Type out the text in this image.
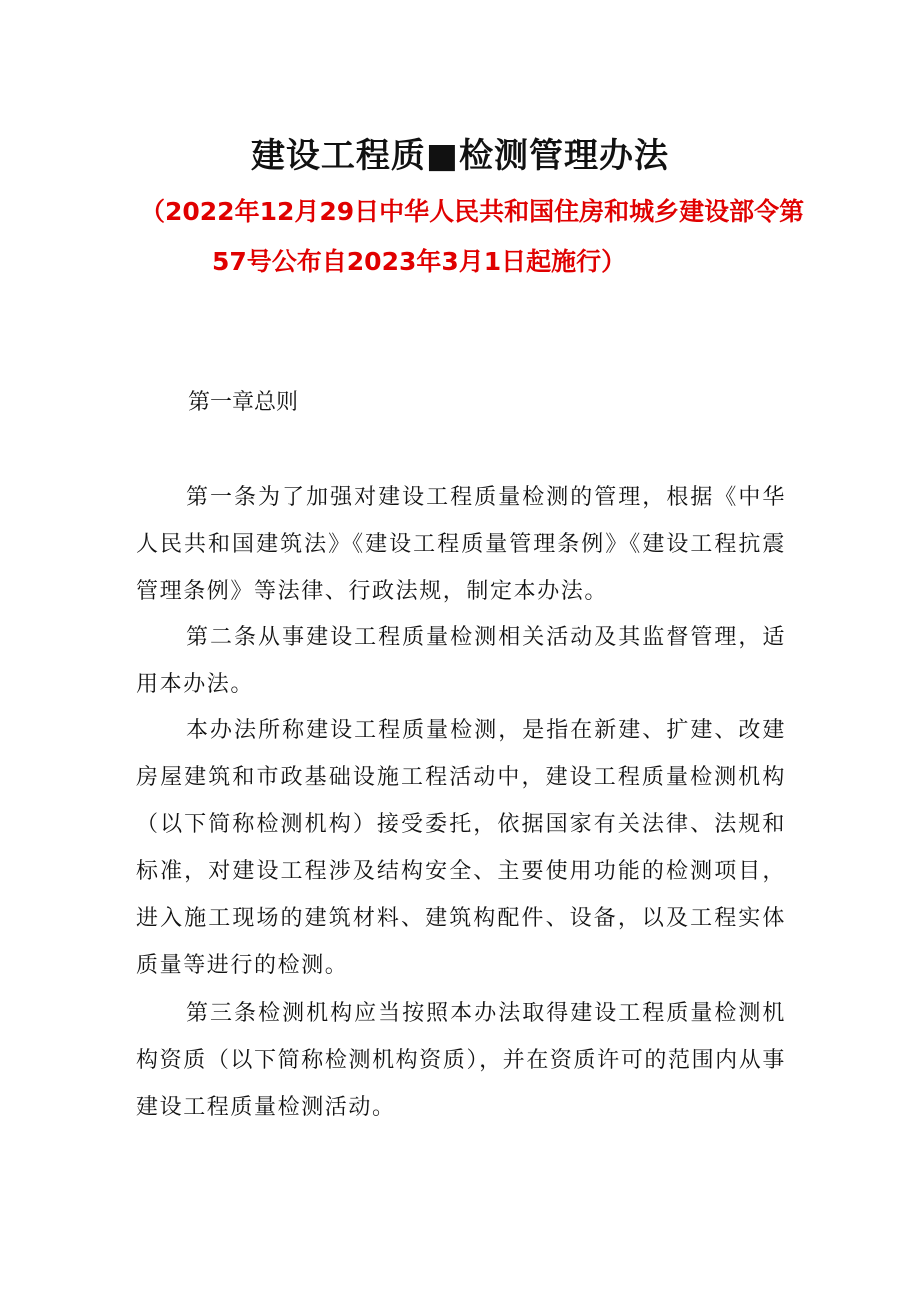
建设工程质■检测管理办法
（2022年12月29日中华人民共和国住房和城乡建设部令第
57号公布自2023年3月1日起施行）
第一章总则
第一条为了加强对建设工程质量检测的管理，根据《中华人民共和国建筑法》《建设工程质量管理条例》《建设工程抗震管理条例》等法律、行政法规，制定本办法。
第二条从事建设工程质量检测相关活动及其监督管理，适用本办法。
本办法所称建设工程质量检测，是指在新建、扩建、改建房屋建筑和市政基础设施工程活动中，建设工程质量检测机构（以下简称检测机构）接受委托，依据国家有关法律、法规和标准，对建设工程涉及结构安全、主要使用功能的检测项目，进入施工现场的建筑材料、建筑构配件、设备，以及工程实体质量等进行的检测。
第三条检测机构应当按照本办法取得建设工程质量检测机构资质（以下简称检测机构资质），并在资质许可的范围内从事建设工程质量检测活动。
